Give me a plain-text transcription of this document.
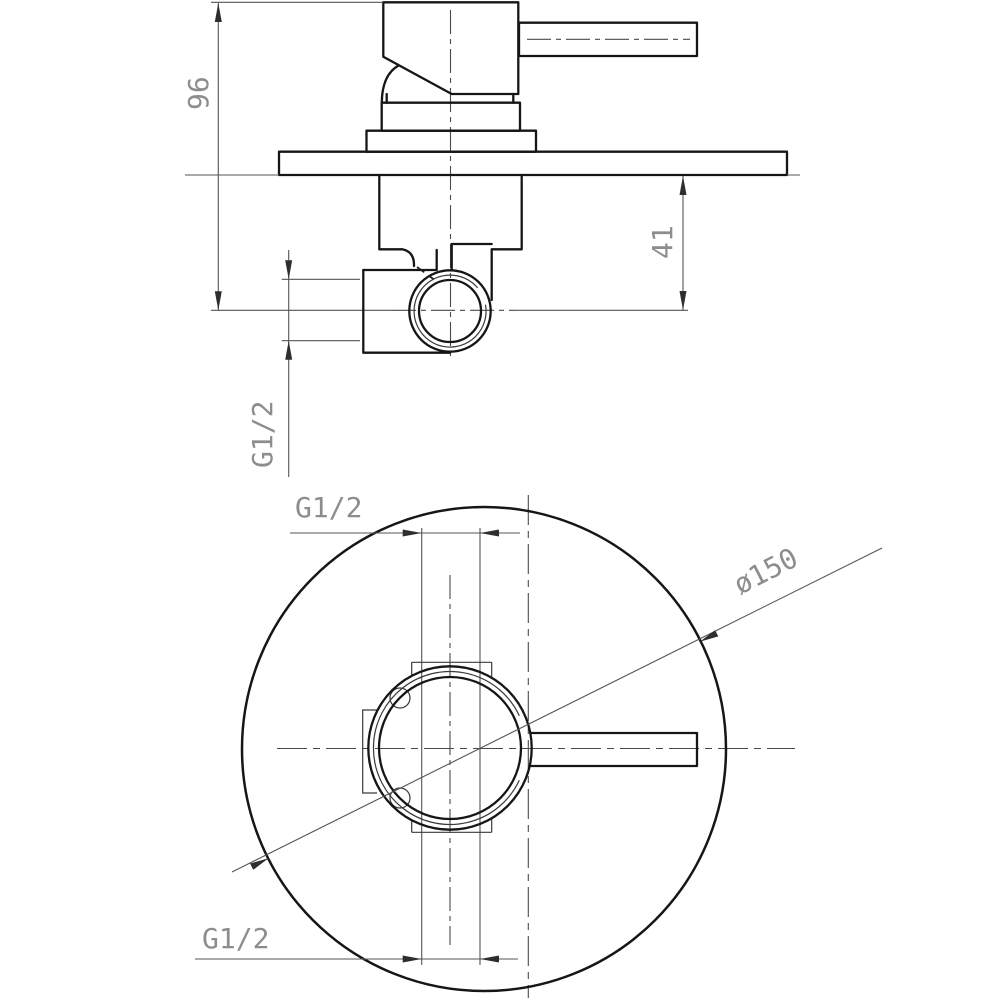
96
41
G1/2
G1/2
G1/2
ø150
